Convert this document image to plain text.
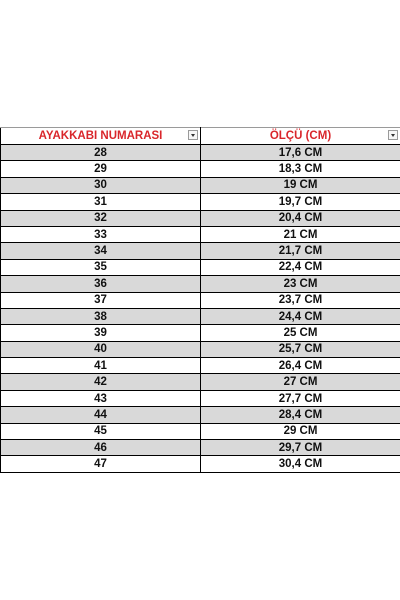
AYAKKABI NUMARASI	ÖLÇÜ (CM)

28	17,6 CM
29	18,3 CM
30	19 CM
31	19,7 CM
32	20,4 CM
33	21 CM
34	21,7 CM
35	22,4 CM
36	23 CM
37	23,7 CM
38	24,4 CM
39	25 CM
40	25,7 CM
41	26,4 CM
42	27 CM
43	27,7 CM
44	28,4 CM
45	29 CM
46	29,7 CM
47	30,4 CM
